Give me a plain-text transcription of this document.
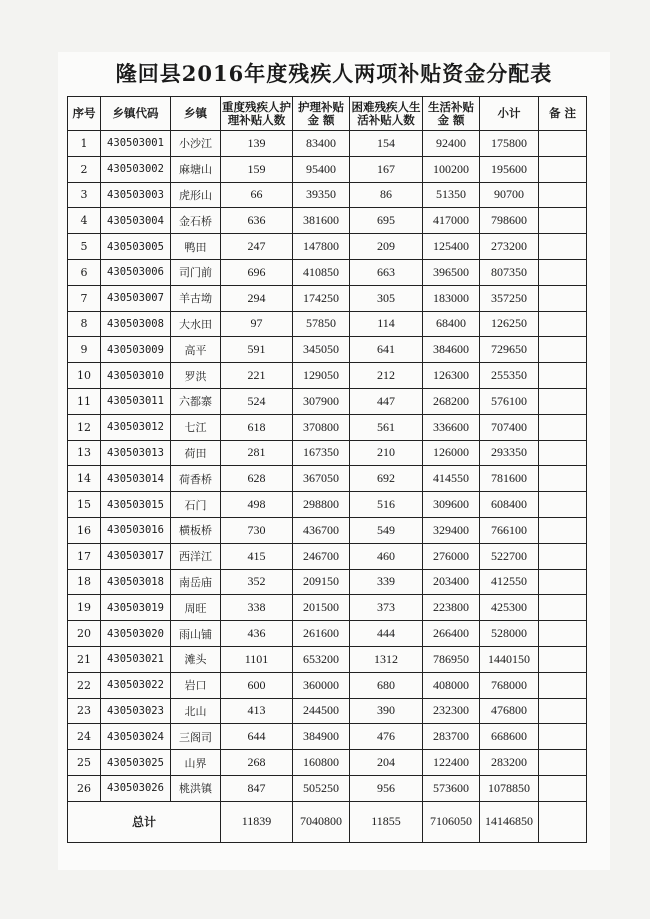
隆回县2016年度残疾人两项补贴资金分配表
序号	乡镇代码	乡镇	重度残疾人护理补贴人数	护理补贴金 额	困难残疾人生活补贴人数	生活补贴金 额	小计	备 注
1	430503001	小沙江	139	83400	154	92400	175800	
2	430503002	麻塘山	159	95400	167	100200	195600	
3	430503003	虎形山	66	39350	86	51350	90700	
4	430503004	金石桥	636	381600	695	417000	798600	
5	430503005	鸭田	247	147800	209	125400	273200	
6	430503006	司门前	696	410850	663	396500	807350	
7	430503007	羊古坳	294	174250	305	183000	357250	
8	430503008	大水田	97	57850	114	68400	126250	
9	430503009	高平	591	345050	641	384600	729650	
10	430503010	罗洪	221	129050	212	126300	255350	
11	430503011	六都寨	524	307900	447	268200	576100	
12	430503012	七江	618	370800	561	336600	707400	
13	430503013	荷田	281	167350	210	126000	293350	
14	430503014	荷香桥	628	367050	692	414550	781600	
15	430503015	石门	498	298800	516	309600	608400	
16	430503016	横板桥	730	436700	549	329400	766100	
17	430503017	西洋江	415	246700	460	276000	522700	
18	430503018	南岳庙	352	209150	339	203400	412550	
19	430503019	周旺	338	201500	373	223800	425300	
20	430503020	雨山铺	436	261600	444	266400	528000	
21	430503021	滩头	1101	653200	1312	786950	1440150	
22	430503022	岩口	600	360000	680	408000	768000	
23	430503023	北山	413	244500	390	232300	476800	
24	430503024	三阁司	644	384900	476	283700	668600	
25	430503025	山界	268	160800	204	122400	283200	
26	430503026	桃洪镇	847	505250	956	573600	1078850	
总计			11839	7040800	11855	7106050	14146850	
